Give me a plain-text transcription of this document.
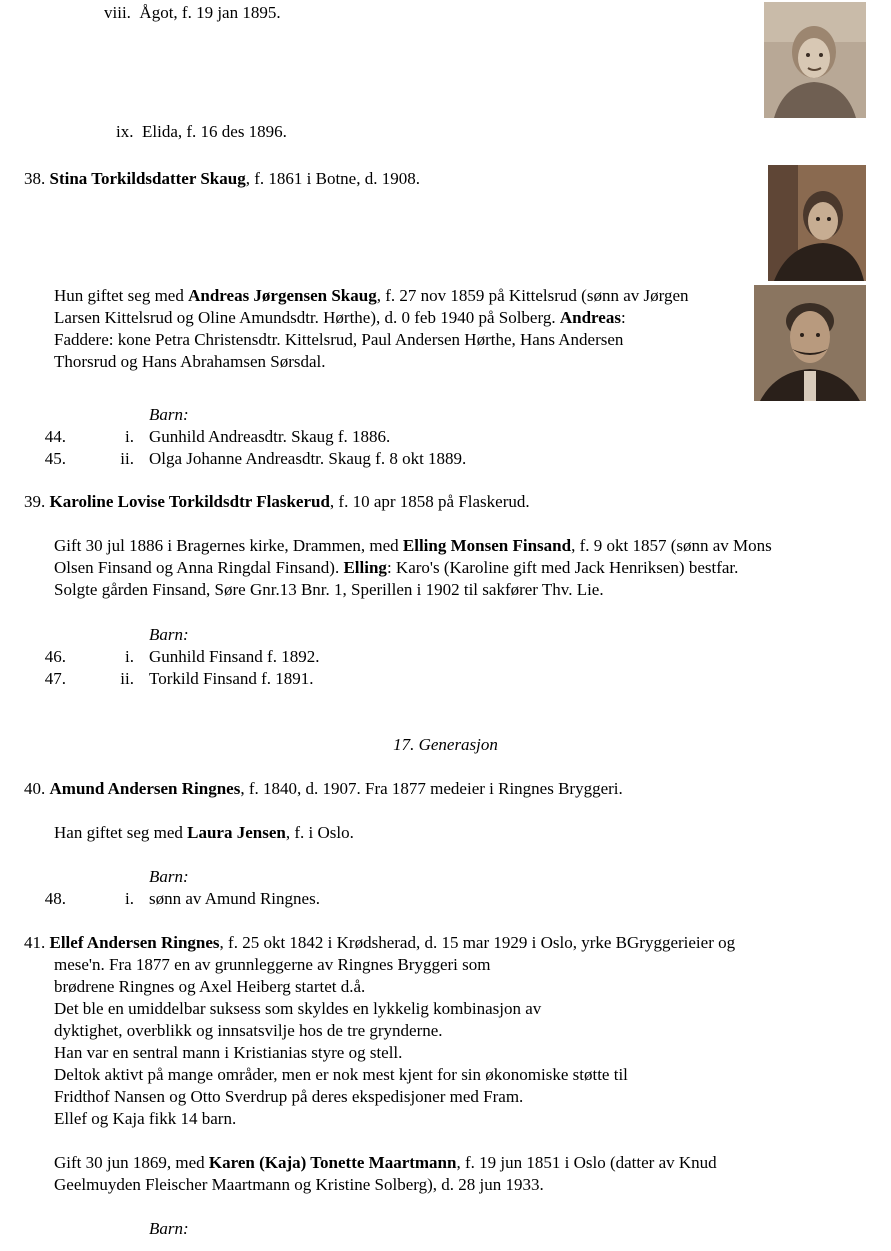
viii. Ågot, f. 19 jan 1895.
ix. Elida, f. 16 des 1896.
38. Stina Torkildsdatter Skaug, f. 1861 i Botne, d. 1908.
Hun giftet seg med Andreas Jørgensen Skaug, f. 27 nov 1859 på Kittelsrud (sønn av Jørgen
Larsen Kittelsrud og Oline Amundsdtr. Hørthe), d. 0 feb 1940 på Solberg. Andreas:
Faddere: kone Petra Christensdtr. Kittelsrud, Paul Andersen Hørthe, Hans Andersen
Thorsrud og Hans Abrahamsen Sørsdal.
Barn:
44.	i. Gunhild Andreasdtr. Skaug f. 1886.
45.	ii. Olga Johanne Andreasdtr. Skaug f. 8 okt 1889.
39. Karoline Lovise Torkildsdtr Flaskerud, f. 10 apr 1858 på Flaskerud.
Gift 30 jul 1886 i Bragernes kirke, Drammen, med Elling Monsen Finsand, f. 9 okt 1857 (sønn av Mons
Olsen Finsand og Anna Ringdal Finsand). Elling: Karo's (Karoline gift med Jack Henriksen) bestfar.
Solgte gården Finsand, Søre Gnr.13 Bnr. 1, Sperillen i 1902 til sakfører Thv. Lie.
Barn:
46.	i. Gunhild Finsand f. 1892.
47.	ii. Torkild Finsand f. 1891.
17. Generasjon
40. Amund Andersen Ringnes, f. 1840, d. 1907. Fra 1877 medeier i Ringnes Bryggeri.
Han giftet seg med Laura Jensen, f. i Oslo.
Barn:
48.	i. sønn av Amund Ringnes.
41. Ellef Andersen Ringnes, f. 25 okt 1842 i Krødsherad, d. 15 mar 1929 i Oslo, yrke BGryggerieier og
mese'n. Fra 1877 en av grunnleggerne av Ringnes Bryggeri som
brødrene Ringnes og Axel Heiberg startet d.å.
Det ble en umiddelbar suksess som skyldes en lykkelig kombinasjon av
dyktighet, overblikk og innsatsvilje hos de tre grynderne.
Han var en sentral mann i Kristianias styre og stell.
Deltok aktivt på mange områder, men er nok mest kjent for sin økonomiske støtte til
Fridthof Nansen og Otto Sverdrup på deres ekspedisjoner med Fram.
Ellef og Kaja fikk 14 barn.
Gift 30 jun 1869, med Karen (Kaja) Tonette Maartmann, f. 19 jun 1851 i Oslo (datter av Knud
Geelmuyden Fleischer Maartmann og Kristine Solberg), d. 28 jun 1933.
Barn:
